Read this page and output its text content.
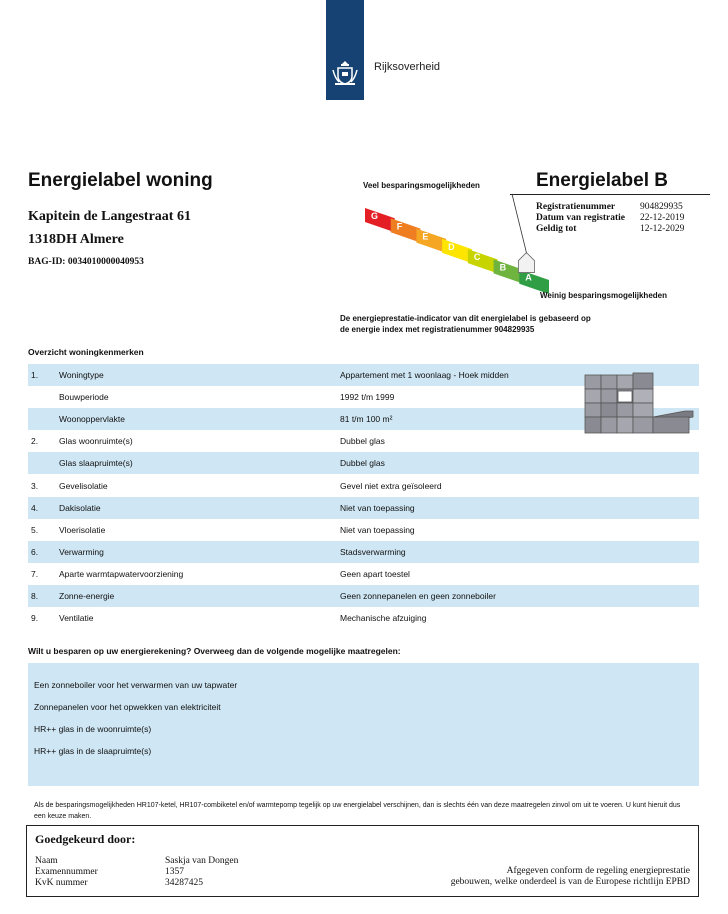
Rijksoverheid
Energielabel woning
Kapitein de Langestraat 61
1318DH Almere
BAG-ID: 0034010000040953
Energielabel B
Registratienummer	904829935
Datum van registratie	22-12-2019
Geldig tot	12-12-2029
Veel besparingsmogelijkheden
G
F
E
D
C
B
A
Weinig besparingsmogelijkheden
De energieprestatie-indicator van dit energielabel is gebaseerd op de energie index met registratienummer 904829935
Overzicht woningkenmerken
1.	Woningtype	Appartement met 1 woonlaag - Hoek midden
Bouwperiode	1992 t/m 1999
Woonoppervlakte	81 t/m 100 m²
2.	Glas woonruimte(s)	Dubbel glas
Glas slaapruimte(s)	Dubbel glas
3.	Gevelisolatie	Gevel niet extra geïsoleerd
4.	Dakisolatie	Niet van toepassing
5.	Vloerisolatie	Niet van toepassing
6.	Verwarming	Stadsverwarming
7.	Aparte warmtapwatervoorziening	Geen apart toestel
8.	Zonne-energie	Geen zonnepanelen en geen zonneboiler
9.	Ventilatie	Mechanische afzuiging
Wilt u besparen op uw energierekening? Overweeg dan de volgende mogelijke maatregelen:
Een zonneboiler voor het verwarmen van uw tapwater
Zonnepanelen voor het opwekken van elektriciteit
HR++ glas in de woonruimte(s)
HR++ glas in de slaapruimte(s)
Als de besparingsmogelijkheden HR107-ketel, HR107-combiketel en/of warmtepomp tegelijk op uw energielabel verschijnen, dan is slechts één van deze maatregelen zinvol om uit te voeren. U kunt hieruit dus een keuze maken.
Goedgekeurd door:
Naam	Saskja van Dongen
Examennummer	1357
KvK nummer	34287425
Afgegeven conform de regeling energieprestatie
gebouwen, welke onderdeel is van de Europese richtlijn EPBD
